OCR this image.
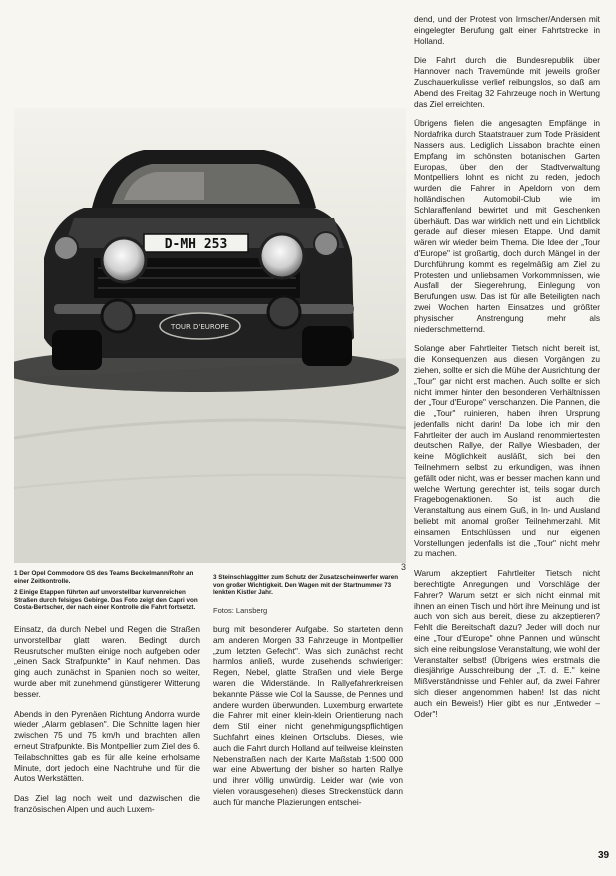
dend, und der Protest von Irmscher/Andersen mit eingelegter Berufung galt einer Fahrtstrecke in Holland.

Die Fahrt durch die Bundesrepublik über Hannover nach Travemünde mit jeweils großer Zuschauerkulisse verlief reibungslos, so daß am Abend des Freitag 32 Fahrzeuge noch in Wertung das Ziel erreichten.

Übrigens fielen die angesagten Empfänge in Nordafrika durch Staatstrauer zum Tode Präsident Nassers aus. Lediglich Lissabon brachte einen Empfang im schönsten botanischen Garten Europas, über den der Stadtverwaltung Montpelliers lohnt es nicht zu reden, jedoch wurden die Fahrer in Apeldorn von dem holländischen Automobil-Club wie im Schlaraffenland bewirtet und mit Geschenken überhäuft. Das war wirklich nett und ein Lichtblick gerade auf dieser miesen Etappe. Und damit wären wir wieder beim Thema. Die Idee der „Tour d'Europe" ist großartig, doch durch Mängel in der Durchführung kommt es regelmäßig am Ziel zu Protesten und unliebsamen Vorkommnissen, wie Ausfall der Siegerehrung, Einlegung von Berufungen usw. Das ist für alle Beteiligten nach zwei Wochen harten Einsatzes und größter physischer Anstrengung mehr als niederschmetternd.

Solange aber Fahrtleiter Tietsch nicht bereit ist, die Konsequenzen aus diesen Vorgängen zu ziehen, sollte er sich die Mühe der Ausrichtung der „Tour" gar nicht erst machen. Auch sollte er sich nicht immer hinter den besonderen Verhältnissen der „Tour d'Europe" verschanzen. Die Pannen, die die „Tour" ruinieren, haben ihren Ursprung jedenfalls nicht darin! Da lobe ich mir den Fahrtleiter der auch im Ausland renommiertesten deutschen Rallye, der Rallye Wiesbaden, der keine Möglichkeit ausläßt, sich bei den Teilnehmern selbst zu erkundigen, was ihnen gefällt oder nicht, was er besser machen kann und welche Wertung gerechter ist, teils sogar durch Fragebogenaktionen. So ist auch die Veranstaltung aus einem Guß, in In- und Ausland beliebt mit anomal großer Teilnehmerzahl. Mit einsamen Entschlüssen und nur eigenen Vorstellungen jedenfalls ist die „Tour" nicht mehr zu machen.

Warum akzeptiert Fahrtleiter Tietsch nicht berechtigte Anregungen und Vorschläge der Fahrer? Warum setzt er sich nicht einmal mit ihnen an einen Tisch und hört ihre Meinung und ist auch von sich aus bereit, diese zu akzeptieren? Fehlt die Bereitschaft dazu? Jeder will doch nur eine „Tour d'Europe" ohne Pannen und wünscht sich eine reibungslose Veranstaltung, wie wohl der Veranstalter selbst! (Übrigens wies erstmals die diesjährige Ausschreibung der „T. d. E." keine Mißverständnisse und Fehler auf, da zwei Fahrer sich dieser angenommen haben! Ist das nicht auch ein Beweis!) Hier gibt es nur „Entweder – Oder"!

D-MH 253
TOUR D'EUROPE

1 Der Opel Commodore GS des Teams Beckelmann/Rohr an einer Zeitkontrolle.

2 Einige Etappen führten auf unvorstellbar kurvenreichen Straßen durch felsiges Gebirge. Das Foto zeigt den Capri von Costa-Bertscher, der nach einer Kontrolle die Fahrt fortsetzt.

3 Steinschlaggitter zum Schutz der Zusatzscheinwerfer waren von großer Wichtigkeit. Den Wagen mit der Startnummer 73 lenkten Kistler Jahr.
Fotos: Lansberg
3

Einsatz, da durch Nebel und Regen die Straßen unvorstellbar glatt waren. Bedingt durch Reusrutscher mußten einige noch aufgeben oder „einen Sack Strafpunkte" in Kauf nehmen. Das ging auch zunächst in Spanien noch so weiter, wurde aber mit zunehmend günstigerer Witterung besser.

Abends in den Pyrenäen Richtung Andorra wurde wieder „Alarm geblasen". Die Schnitte lagen hier zwischen 75 und 75 km/h und brachten allen erneut Strafpunkte. Bis Montpellier zum Ziel des 6. Teilabschnittes gab es für alle keine erholsame Minute, dort jedoch eine Nachtruhe und für die Autos Werkstätten.

Das Ziel lag noch weit und dazwischen die französischen Alpen und auch Luxem-

burg mit besonderer Aufgabe. So starteten denn am anderen Morgen 33 Fahrzeuge in Montpellier „zum letzten Gefecht". Was sich zunächst recht harmlos anließ, wurde zusehends schwieriger: Regen, Nebel, glatte Straßen und viele Berge waren die Widerstände. In Rallyefahrerkreisen bekannte Pässe wie Col la Sausse, de Pennes und andere wurden überwunden. Luxemburg erwartete die Fahrer mit einer klein-klein Orientierung nach dem Stil einer nicht genehmigungspflichtigen Suchfahrt eines kleinen Ortsclubs. Dieses, wie auch die Fahrt durch Holland auf teilweise kleinsten Nebenstraßen nach der Karte Maßstab 1:500 000 war eine Abwertung der bisher so harten Rallye und ihrer völlig unwürdig. Leider war (wie von vielen vorausgesehen) dieses Streckenstück dann auch für manche Plazierungen entschei-

39
